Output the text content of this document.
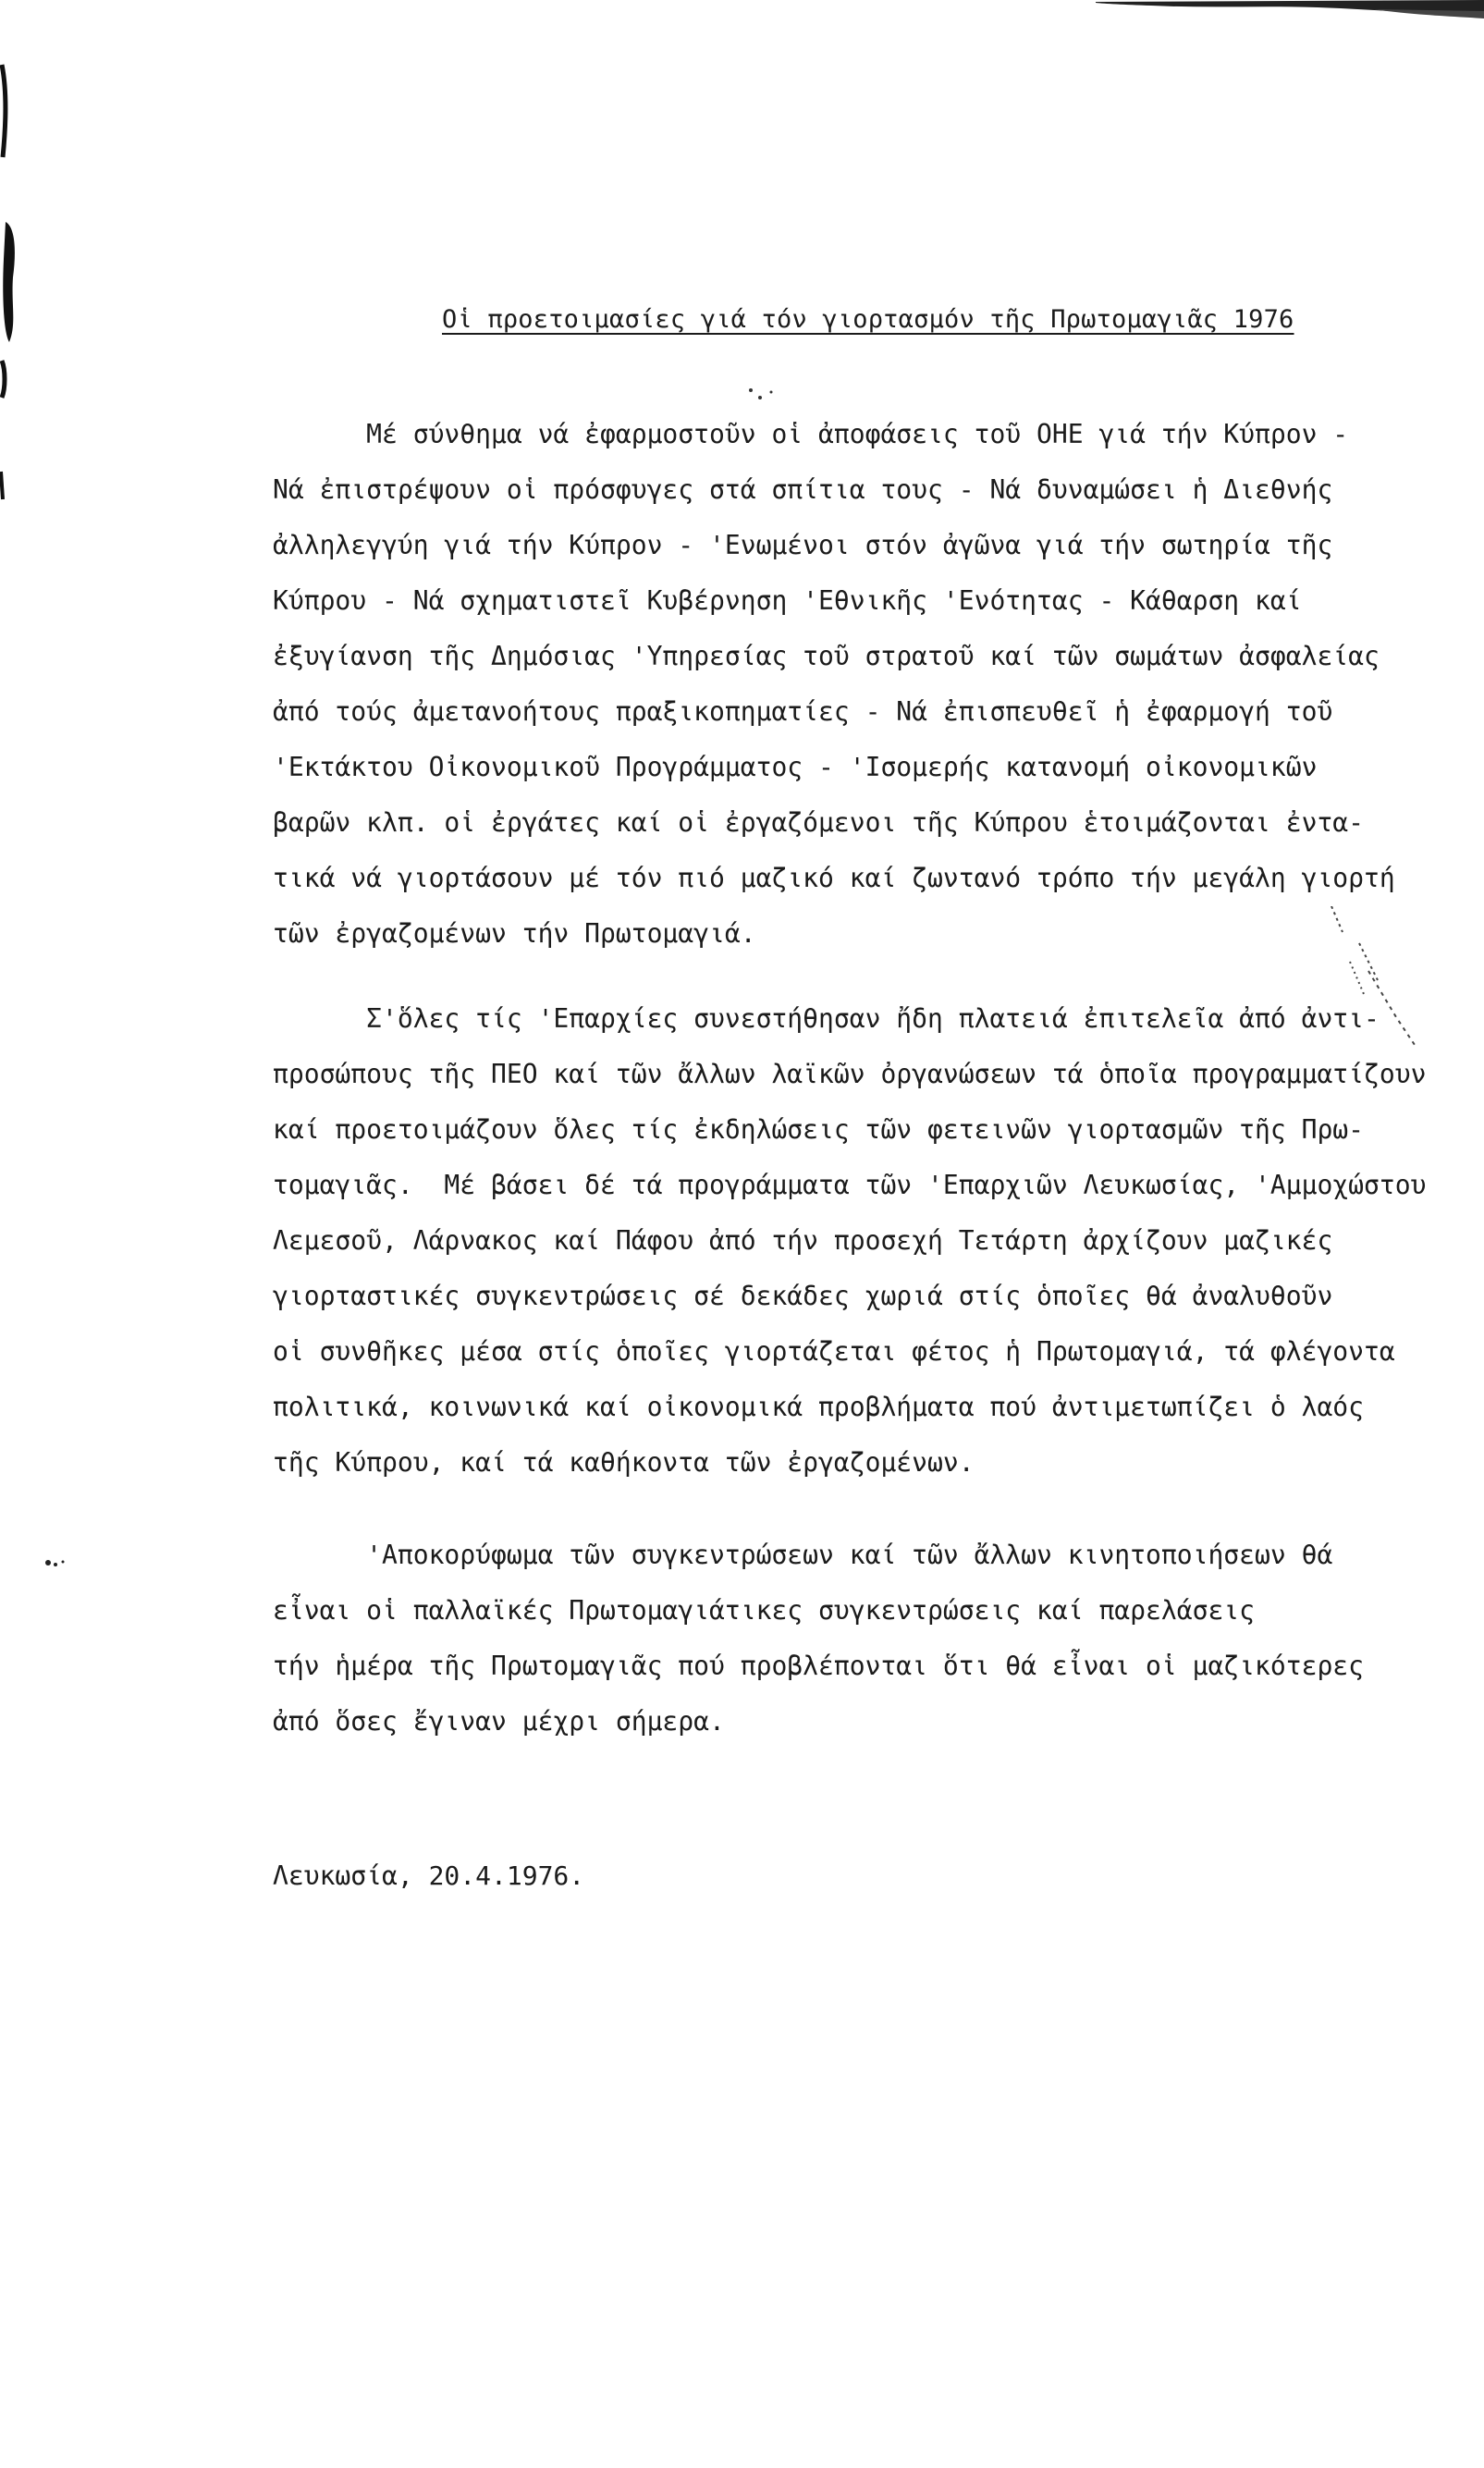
Οἱ προετοιμασίες γιά τόν γιορτασμόν τῆς Πρωτομαγιᾶς 1976
Μέ σύνθημα νά ἐφαρμοστοῦν οἱ ἀποφάσεις τοῦ ΟΗΕ γιά τήν Κύπρον -
Νά ἐπιστρέψουν οἱ πρόσφυγες στά σπίτια τους - Νά δυναμώσει ἡ Διεθνής
ἀλληλεγγύη γιά τήν Κύπρον - 'Ενωμένοι στόν ἀγῶνα γιά τήν σωτηρία τῆς
Κύπρου - Νά σχηματιστεῖ Κυβέρνηση 'Εθνικῆς 'Ενότητας - Κάθαρση καί
ἐξυγίανση τῆς Δημόσιας 'Υπηρεσίας τοῦ στρατοῦ καί τῶν σωμάτων ἀσφαλείας
ἀπό τούς ἀμετανοήτους πραξικοπηματίες - Νά ἐπισπευθεῖ ἡ ἐφαρμογή τοῦ
'Εκτάκτου Οἰκονομικοῦ Προγράμματος - 'Ισομερής κατανομή οἰκονομικῶν
βαρῶν κλπ. οἱ ἐργάτες καί οἱ ἐργαζόμενοι τῆς Κύπρου ἑτοιμάζονται ἐντα-
τικά νά γιορτάσουν μέ τόν πιό μαζικό καί ζωντανό τρόπο τήν μεγάλη γιορτή
τῶν ἐργαζομένων τήν Πρωτομαγιά.
Σ'ὅλες τίς 'Επαρχίες συνεστήθησαν ἤδη πλατειά ἐπιτελεῖα ἀπό ἀντι-
προσώπους τῆς ΠΕΟ καί τῶν ἄλλων λαϊκῶν ὀργανώσεων τά ὁποῖα προγραμματίζουν
καί προετοιμάζουν ὅλες τίς ἐκδηλώσεις τῶν φετεινῶν γιορτασμῶν τῆς Πρω-
τομαγιᾶς.  Μέ βάσει δέ τά προγράμματα τῶν 'Επαρχιῶν Λευκωσίας, 'Αμμοχώστου
Λεμεσοῦ, Λάρνακος καί Πάφου ἀπό τήν προσεχή Τετάρτη ἀρχίζουν μαζικές
γιορταστικές συγκεντρώσεις σέ δεκάδες χωριά στίς ὁποῖες θά ἀναλυθοῦν
οἱ συνθῆκες μέσα στίς ὁποῖες γιορτάζεται φέτος ἡ Πρωτομαγιά, τά φλέγοντα
πολιτικά, κοινωνικά καί οἰκονομικά προβλήματα πού ἀντιμετωπίζει ὁ λαός
τῆς Κύπρου, καί τά καθήκοντα τῶν ἐργαζομένων.
'Αποκορύφωμα τῶν συγκεντρώσεων καί τῶν ἄλλων κινητοποιήσεων θά
εἶναι οἱ παλλαϊκές Πρωτομαγιάτικες συγκεντρώσεις καί παρελάσεις
τήν ἡμέρα τῆς Πρωτομαγιᾶς πού προβλέπονται ὅτι θά εἶναι οἱ μαζικότερες
ἀπό ὅσες ἔγιναν μέχρι σήμερα.
Λευκωσία, 20.4.1976.
